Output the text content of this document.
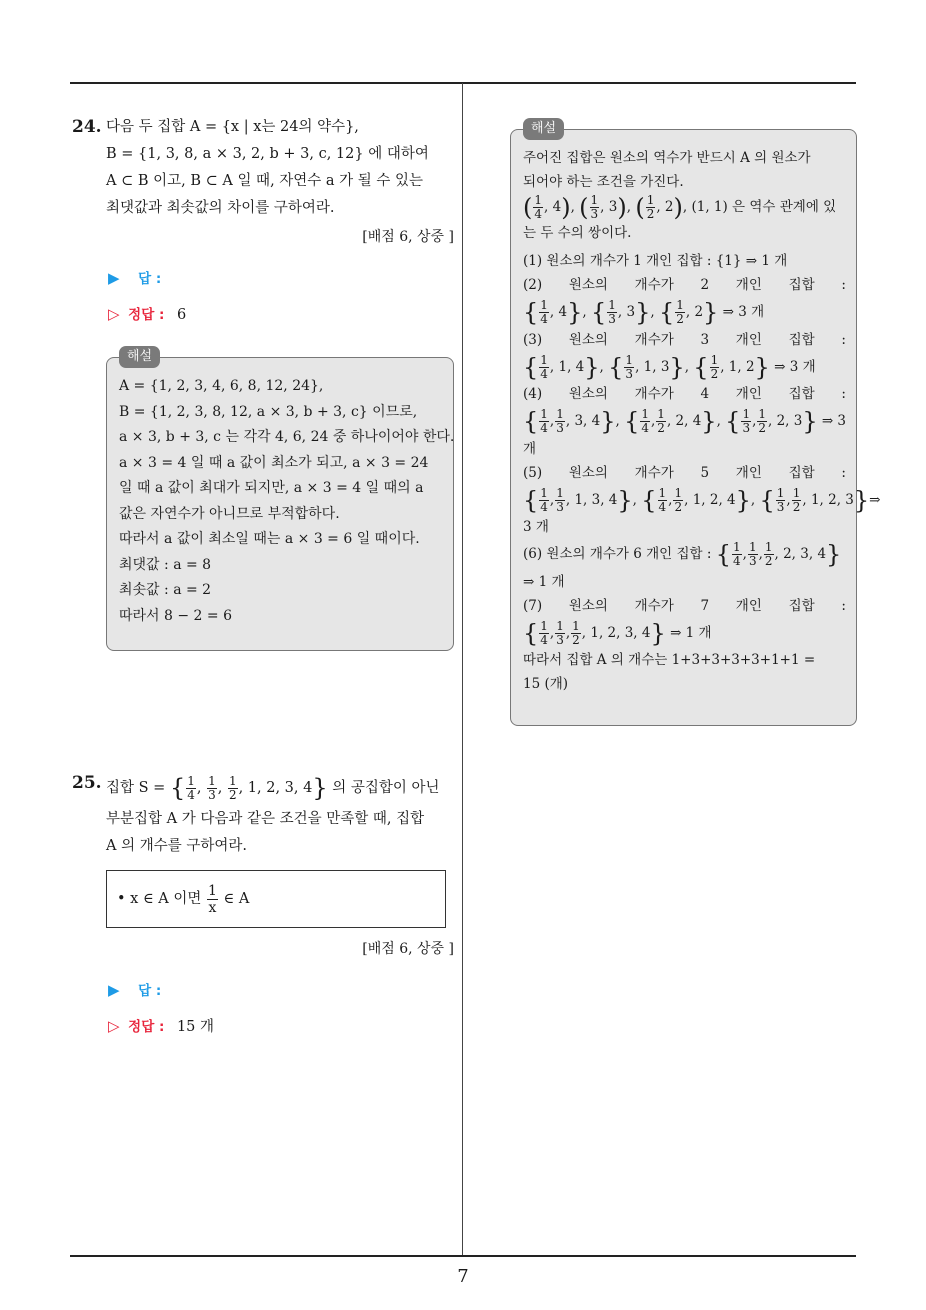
7
24. 다음 두 집합 A = {x | x는 24의 약수},
B = {1, 3, 8, a × 3, 2, b + 3, c, 12} 에 대하여
A ⊂ B 이고, B ⊂ A 일 때, 자연수 a 가 될 수 있는
최댓값과 최솟값의 차이를 구하여라.
[배점 6, 상중 ]
▶ 답 :
▷ 정답 : 6
해설
A = {1, 2, 3, 4, 6, 8, 12, 24},
B = {1, 2, 3, 8, 12, a × 3, b + 3, c} 이므로,
a × 3, b + 3, c 는 각각 4, 6, 24 중 하나이어야 한다.
a × 3 = 4 일 때 a 값이 최소가 되고, a × 3 = 24
일 때 a 값이 최대가 되지만, a × 3 = 4 일 때의 a
값은 자연수가 아니므로 부적합하다.
따라서 a 값이 최소일 때는 a × 3 = 6 일 때이다.
최댓값 : a = 8
최솟값 : a = 2
따라서 8 − 2 = 6
25. 집합 S =
{ $\frac{1}{4}$ , $\frac{1}{3}$ , $\frac{1}{2}$ , 1, 2, 3, 4 }
의 공집합이 아닌
부분집합 A 가 다음과 같은 조건을 만족할 때, 집합
A 의 개수를 구하여라.
• x ∈ A 이면
$\frac{1}{x}$
∈ A
[배점 6, 상중 ]
▶ 답 :
▷ 정답 : 15 개
해설
주어진 집합은 원소의 역수가 반드시 A 의 원소가
되어야 하는 조건을 가진다.
( $\frac{1}{4}$ , 4), ( $\frac{1}{3}$ , 3), ( $\frac{1}{2}$ , 2), (1, 1) 은 역수 관계에 있
는 두 수의 쌍이다.
(1) 원소의 개수가 1 개인 집합 : {1} ⇒ 1 개
(2) 원소의 개수가 2 개인 집합 :
{ $\frac{1}{4}$ , 4}, { $\frac{1}{3}$ , 3}, { $\frac{1}{2}$ , 2} ⇒ 3 개
(3) 원소의 개수가 3 개인 집합 :
{ $\frac{1}{4}$ , 1, 4}, { $\frac{1}{3}$ , 1, 3}, { $\frac{1}{2}$ , 1, 2} ⇒ 3 개
(4) 원소의 개수가 4 개인 집합 :
{ $\frac{1}{4}$ , $\frac{1}{3}$ , 3, 4}, { $\frac{1}{4}$ , $\frac{1}{2}$ , 2, 4}, { $\frac{1}{3}$ , $\frac{1}{2}$ , 2, 3} ⇒ 3
개
(5) 원소의 개수가 5 개인 집합 :
{ $\frac{1}{4}$ , $\frac{1}{3}$ , 1, 3, 4}, { $\frac{1}{4}$ , $\frac{1}{2}$ , 1, 2, 4}, { $\frac{1}{3}$ , $\frac{1}{2}$ , 1, 2, 3} ⇒
3 개
(6) 원소의 개수가 6 개인 집합 : { $\frac{1}{4}$ , $\frac{1}{3}$ , $\frac{1}{2}$ , 2, 3, 4}
⇒ 1 개
(7) 원소의 개수가 7 개인 집합 :
{ $\frac{1}{4}$ , $\frac{1}{3}$ , $\frac{1}{2}$ , 1, 2, 3, 4} ⇒ 1 개
따라서 집합 A 의 개수는 1+3+3+3+3+1+1 =
15 (개)
